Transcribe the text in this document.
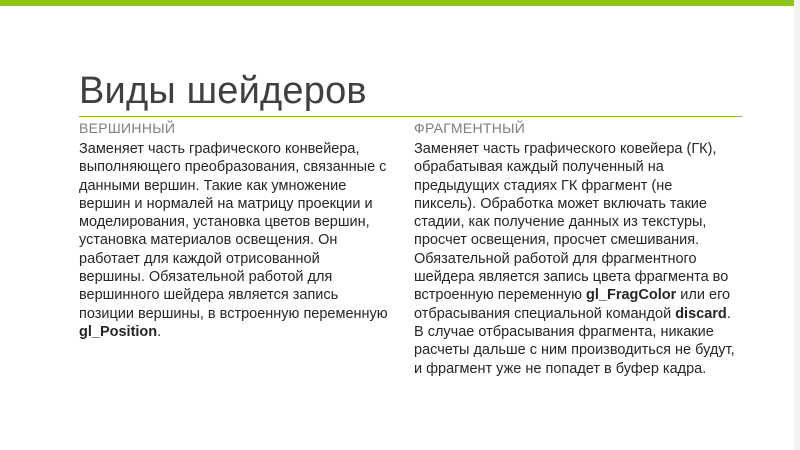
Виды шейдеров

ВЕРШИННЫЙ

Заменяет часть графического конвейера, выполняющего преобразования, связанные с данными вершин. Такие как умножение вершин и нормалей на матрицу проекции и моделирования, установка цветов вершин, установка материалов освещения. Он работает для каждой отрисованной вершины. Обязательной работой для вершинного шейдера является запись позиции вершины, в встроенную переменную gl_Position.

ФРАГМЕНТНЫЙ

Заменяет часть графического ковейера (ГК), обрабатывая каждый полученный на предыдущих стадиях ГК фрагмент (не пиксель). Обработка может включать такие стадии, как получение данных из текстуры, просчет освещения, просчет смешивания. Обязательной работой для фрагментного шейдера является запись цвета фрагмента во встроенную переменную gl_FragColor или его отбрасывания специальной командой discard. В случае отбрасывания фрагмента, никакие расчеты дальше с ним производиться не будут, и фрагмент уже не попадет в буфер кадра.
